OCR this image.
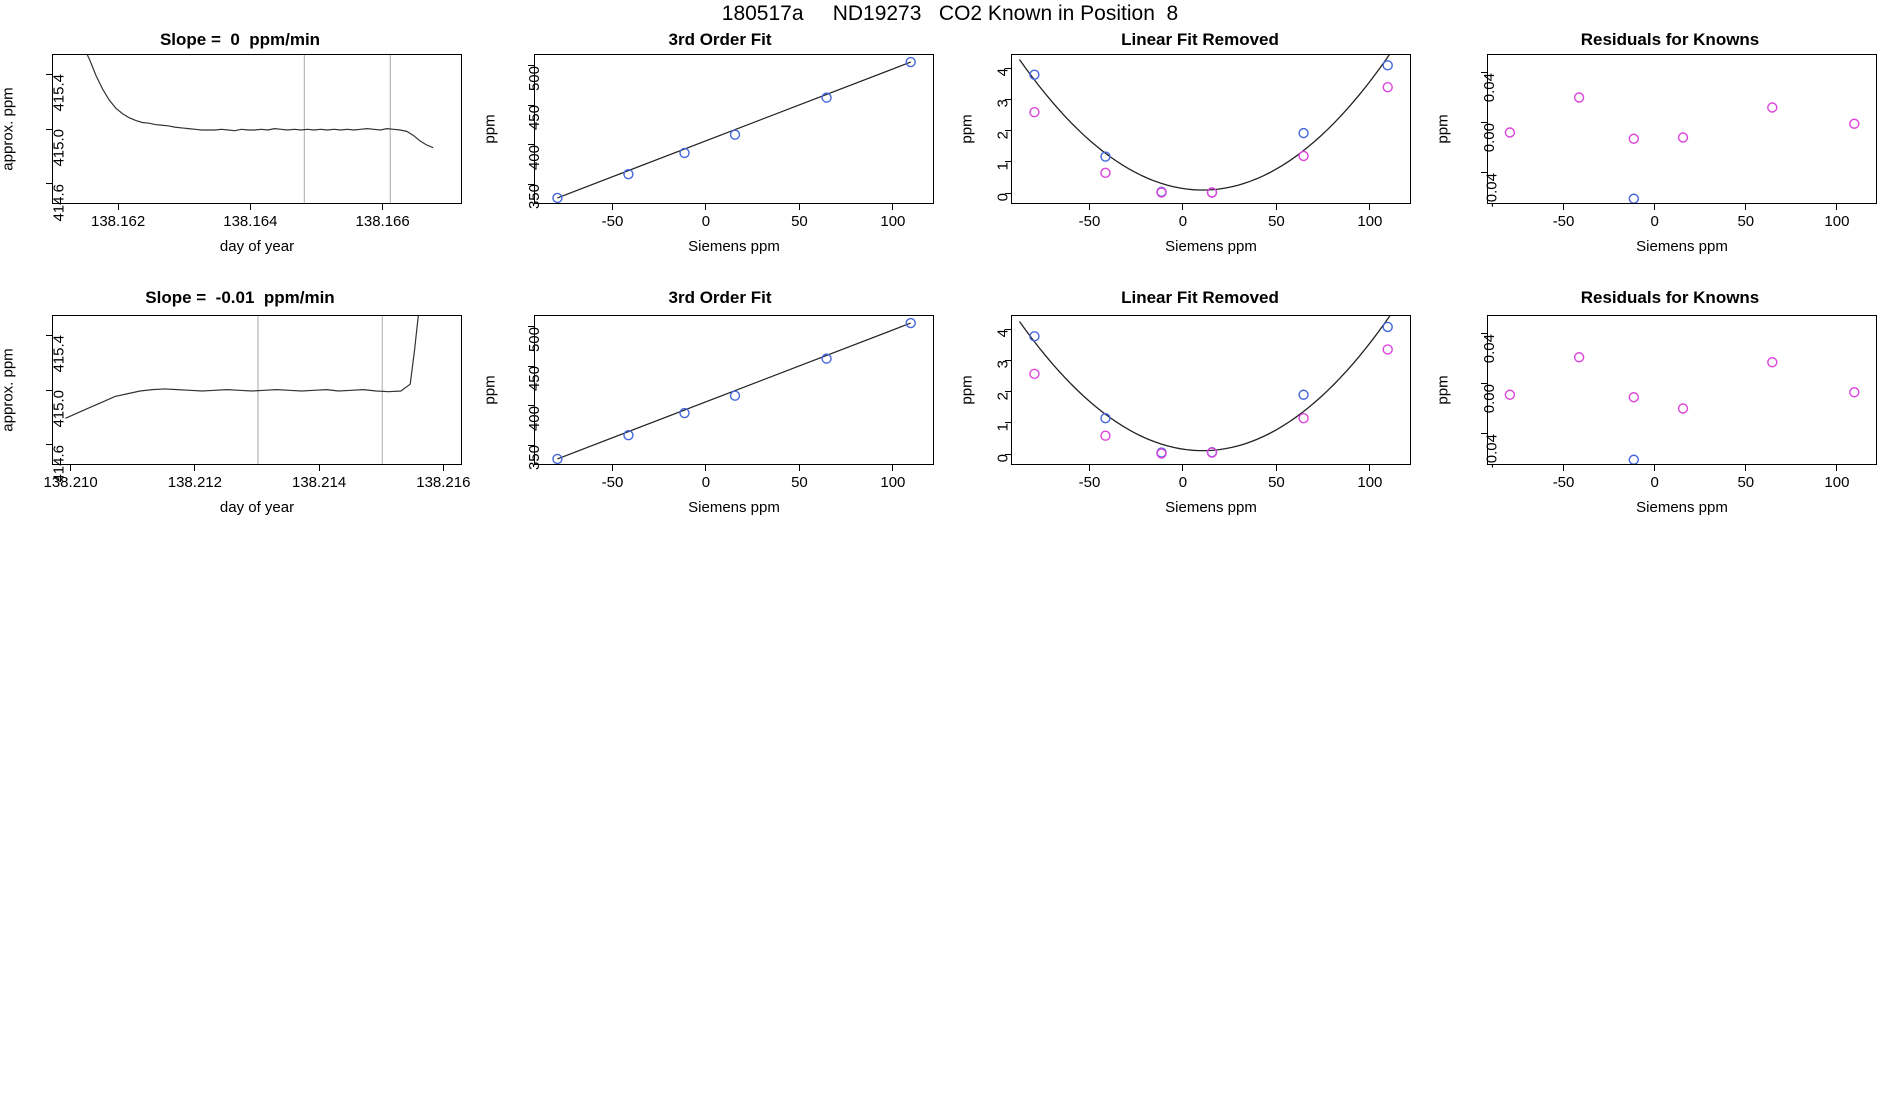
180517a     ND19273   CO2 Known in Position  8
Slope =  0  ppm/min	3rd Order Fit	Linear Fit Removed	Residuals for Knowns
Slope =  -0.01  ppm/min	3rd Order Fit	Linear Fit Removed	Residuals for Knowns
138.162	138.164	138.166
414.6
415.0
415.4
day of year
approx. ppm
-50	0	50	100
350
400
450
500
Siemens ppm
ppm
-50	0	50	100
0
1
2
3
4
Siemens ppm
ppm
-50	0	50	100
-0.04
0.00
0.04
Siemens ppm
ppm
138.210	138.212	138.214	138.216
414.6
415.0
415.4
day of year
approx. ppm
-50	0	50	100
350
400
450
500
Siemens ppm
ppm
-50	0	50	100
0
1
2
3
4
Siemens ppm
ppm
-50	0	50	100
-0.04
0.00
0.04
Siemens ppm
ppm
